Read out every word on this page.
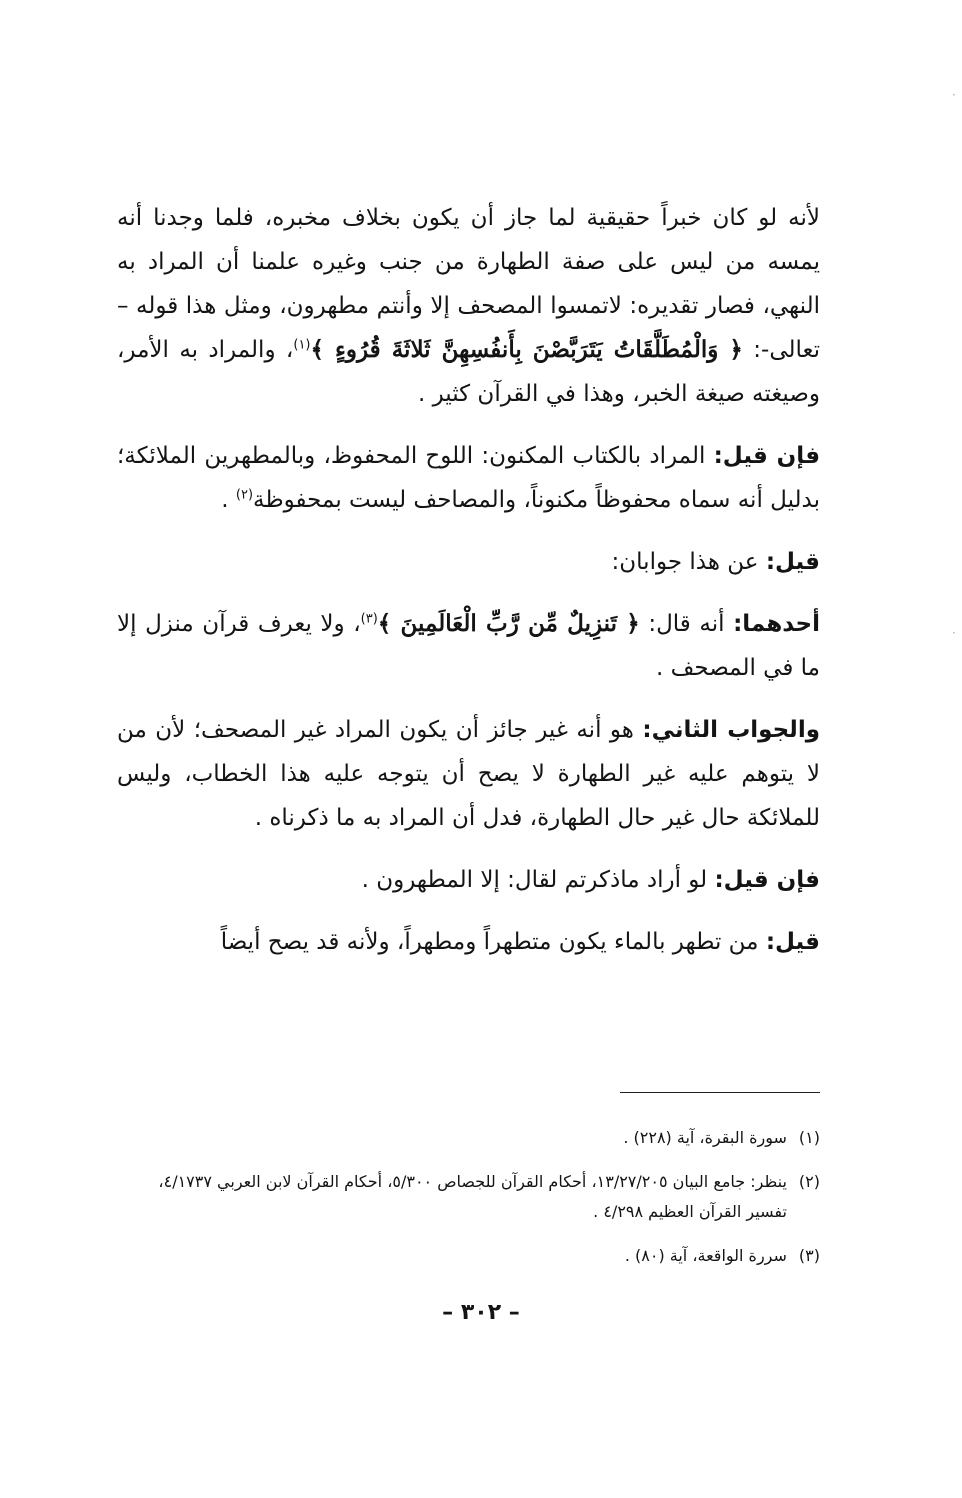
لأنه لو كان خبراً حقيقية لما جاز أن يكون بخلاف مخبره، فلما وجدنا أنه يمسه من ليس على صفة الطهارة من جنب وغيره علمنا أن المراد به النهي، فصار تقديره: لاتمسوا المصحف إلا وأنتم مطهرون، ومثل هذا قوله – تعالى-: ﴿ وَالْمُطَلَّقَاتُ يَتَرَبَّصْنَ بِأَنفُسِهِنَّ ثَلاثَةَ قُرُوءٍ ﴾$^{(١)}$، والمراد به الأمر، وصيغته صيغة الخبر، وهذا في القرآن كثير .

فإن قيل: المراد بالكتاب المكنون: اللوح المحفوظ، وبالمطهرين الملائكة؛ بدليل أنه سماه محفوظاً مكنوناً، والمصاحف ليست بمحفوظة$^{(٢)}$ .

قيل: عن هذا جوابان:

أحدهما: أنه قال: ﴿ تَنزِيلٌ مِّن رَّبِّ الْعَالَمِينَ ﴾$^{(٣)}$، ولا يعرف قرآن منزل إلا ما في المصحف .

والجواب الثاني: هو أنه غير جائز أن يكون المراد غير المصحف؛ لأن من لا يتوهم عليه غير الطهارة لا يصح أن يتوجه عليه هذا الخطاب، وليس للملائكة حال غير حال الطهارة، فدل أن المراد به ما ذكرناه .

فإن قيل: لو أراد ماذكرتم لقال: إلا المطهرون .

قيل: من تطهر بالماء يكون متطهراً ومطهراً، ولأنه قد يصح أيضاً

(١)
سورة البقرة، آية (٢٢٨) .
(٢)
ينظر: جامع البيان ١٣/٢٧/٢٠٥، أحكام القرآن للجصاص ٥/٣٠٠، أحكام القرآن لابن العربي ٤/١٧٣٧، تفسير القرآن العظيم ٤/٢٩٨ .
(٣)
سررة الواقعة، آية (٨٠) .
– ٣٠٢ –
·
·
